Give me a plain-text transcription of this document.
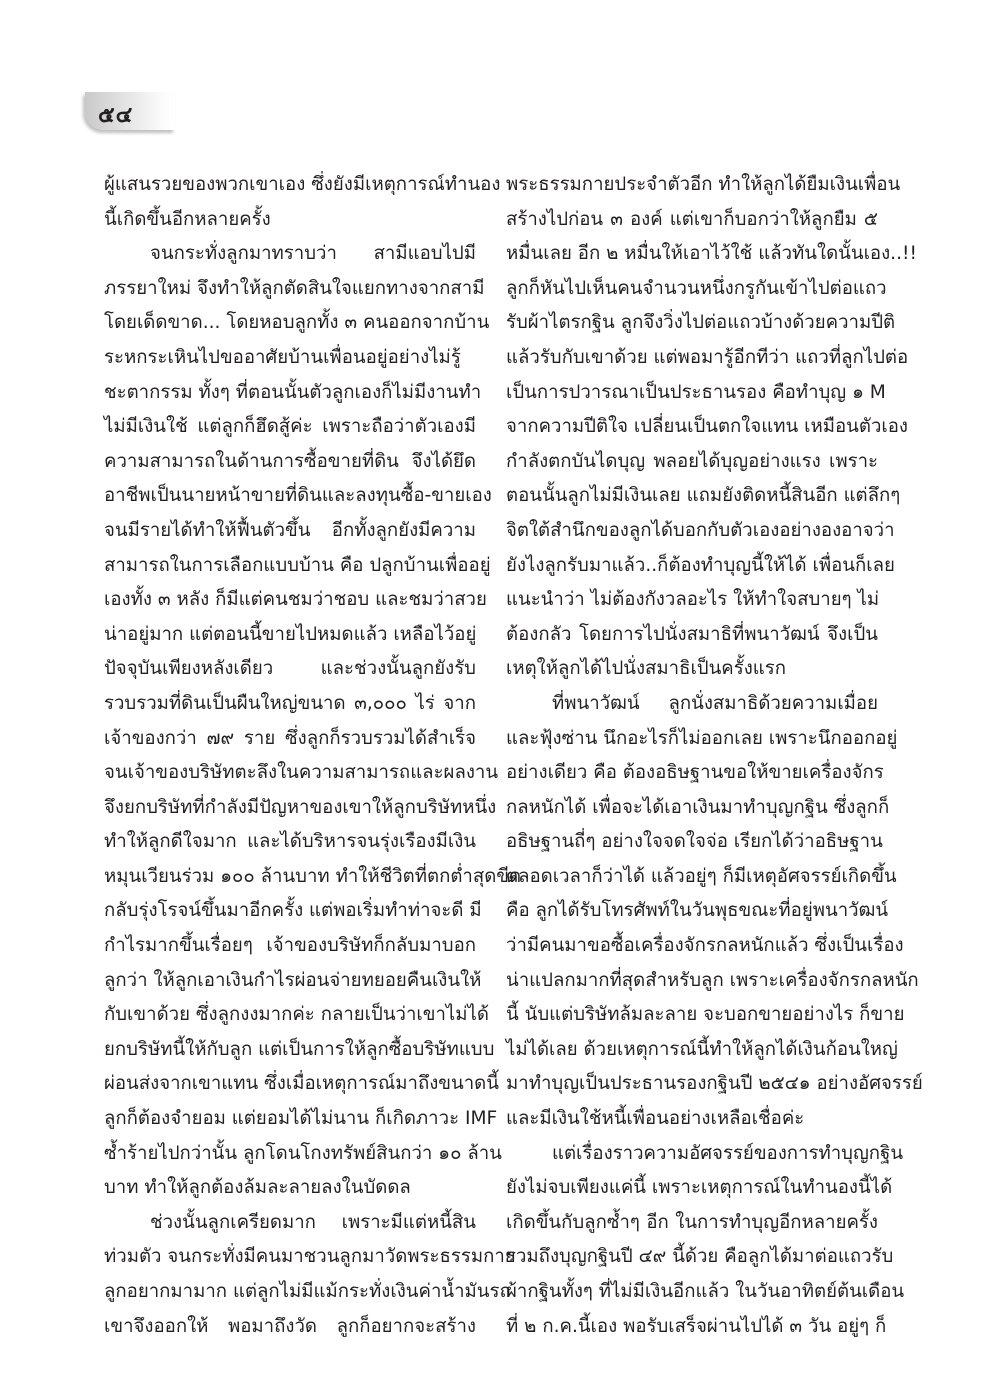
๕๔
ผู้แสนรวยของพวกเขาเอง ซึ่งยังมีเหตุการณ์ทำนอง
นี้เกิดขึ้นอีกหลายครั้ง
จนกระทั่งลูกมาทราบว่า สามีแอบไปมี
ภรรยาใหม่ จึงทำให้ลูกตัดสินใจแยกทางจากสามี
โดยเด็ดขาด... โดยหอบลูกทั้ง ๓ คนออกจากบ้าน
ระหกระเหินไปขออาศัยบ้านเพื่อนอยู่อย่างไม่รู้
ชะตากรรม ทั้งๆ ที่ตอนนั้นตัวลูกเองก็ไม่มีงานทำ
ไม่มีเงินใช้ แต่ลูกก็ฮึดสู้ค่ะ เพราะถือว่าตัวเองมี
ความสามารถในด้านการซื้อขายที่ดิน จึงได้ยึด
อาชีพเป็นนายหน้าขายที่ดินและลงทุนซื้อ-ขายเอง
จนมีรายได้ทำให้ฟื้นตัวขึ้น อีกทั้งลูกยังมีความ
สามารถในการเลือกแบบบ้าน คือ ปลูกบ้านเพื่ออยู่
เองทั้ง ๓ หลัง ก็มีแต่คนชมว่าชอบ และชมว่าสวย
น่าอยู่มาก แต่ตอนนี้ขายไปหมดแล้ว เหลือไว้อยู่
ปัจจุบันเพียงหลังเดียว และช่วงนั้นลูกยังรับ
รวบรวมที่ดินเป็นผืนใหญ่ขนาด ๓,๐๐๐ ไร่ จาก
เจ้าของกว่า ๗๙ ราย ซึ่งลูกก็รวบรวมได้สำเร็จ
จนเจ้าของบริษัทตะลึงในความสามารถและผลงาน
จึงยกบริษัทที่กำลังมีปัญหาของเขาให้ลูกบริษัทหนึ่ง
ทำให้ลูกดีใจมาก และได้บริหารจนรุ่งเรืองมีเงิน
หมุนเวียนร่วม ๑๐๐ ล้านบาท ทำให้ชีวิตที่ตกต่ำสุดขีด
กลับรุ่งโรจน์ขึ้นมาอีกครั้ง แต่พอเริ่มทำท่าจะดี มี
กำไรมากขึ้นเรื่อยๆ เจ้าของบริษัทก็กลับมาบอก
ลูกว่า ให้ลูกเอาเงินกำไรผ่อนจ่ายทยอยคืนเงินให้
กับเขาด้วย ซึ่งลูกงงมากค่ะ กลายเป็นว่าเขาไม่ได้
ยกบริษัทนี้ให้กับลูก แต่เป็นการให้ลูกซื้อบริษัทแบบ
ผ่อนส่งจากเขาแทน ซึ่งเมื่อเหตุการณ์มาถึงขนาดนี้
ลูกก็ต้องจำยอม แต่ยอมได้ไม่นาน ก็เกิดภาวะ IMF
ซ้ำร้ายไปกว่านั้น ลูกโดนโกงทรัพย์สินกว่า ๑๐ ล้าน
บาท ทำให้ลูกต้องล้มละลายลงในบัดดล
ช่วงนั้นลูกเครียดมาก เพราะมีแต่หนี้สิน
ท่วมตัว จนกระทั่งมีคนมาชวนลูกมาวัดพระธรรมกาย
ลูกอยากมามาก แต่ลูกไม่มีแม้กระทั่งเงินค่าน้ำมันรถ
เขาจึงออกให้ พอมาถึงวัด ลูกก็อยากจะสร้าง
พระธรรมกายประจำตัวอีก ทำให้ลูกได้ยืมเงินเพื่อน
สร้างไปก่อน ๓ องค์ แต่เขาก็บอกว่าให้ลูกยืม ๕
หมื่นเลย อีก ๒ หมื่นให้เอาไว้ใช้ แล้วทันใดนั้นเอง..!!
ลูกก็หันไปเห็นคนจำนวนหนึ่งกรูกันเข้าไปต่อแถว
รับผ้าไตรกฐิน ลูกจึงวิ่งไปต่อแถวบ้างด้วยความปีติ
แล้วรับกับเขาด้วย แต่พอมารู้อีกทีว่า แถวที่ลูกไปต่อ
เป็นการปวารณาเป็นประธานรอง คือทำบุญ ๑ M
จากความปีติใจ เปลี่ยนเป็นตกใจแทน เหมือนตัวเอง
กำลังตกบันไดบุญ พลอยได้บุญอย่างแรง เพราะ
ตอนนั้นลูกไม่มีเงินเลย แถมยังติดหนี้สินอีก แต่ลึกๆ
จิตใต้สำนึกของลูกได้บอกกับตัวเองอย่างองอาจว่า
ยังไงลูกรับมาแล้ว..ก็ต้องทำบุญนี้ให้ได้ เพื่อนก็เลย
แนะนำว่า ไม่ต้องกังวลอะไร ให้ทำใจสบายๆ ไม่
ต้องกลัว โดยการไปนั่งสมาธิที่พนาวัฒน์ จึงเป็น
เหตุให้ลูกได้ไปนั่งสมาธิเป็นครั้งแรก
ที่พนาวัฒน์ ลูกนั่งสมาธิด้วยความเมื่อย
และฟุ้งซ่าน นึกอะไรก็ไม่ออกเลย เพราะนึกออกอยู่
อย่างเดียว คือ ต้องอธิษฐานขอให้ขายเครื่องจักร
กลหนักได้ เพื่อจะได้เอาเงินมาทำบุญกฐิน ซึ่งลูกก็
อธิษฐานถี่ๆ อย่างใจจดใจจ่อ เรียกได้ว่าอธิษฐาน
ตลอดเวลาก็ว่าได้ แล้วอยู่ๆ ก็มีเหตุอัศจรรย์เกิดขึ้น
คือ ลูกได้รับโทรศัพท์ในวันพุธขณะที่อยู่พนาวัฒน์
ว่ามีคนมาขอซื้อเครื่องจักรกลหนักแล้ว ซึ่งเป็นเรื่อง
น่าแปลกมากที่สุดสำหรับลูก เพราะเครื่องจักรกลหนัก
นี้ นับแต่บริษัทล้มละลาย จะบอกขายอย่างไร ก็ขาย
ไม่ได้เลย ด้วยเหตุการณ์นี้ทำให้ลูกได้เงินก้อนใหญ่
มาทำบุญเป็นประธานรองกฐินปี ๒๕๔๑ อย่างอัศจรรย์
และมีเงินใช้หนี้เพื่อนอย่างเหลือเชื่อค่ะ
แต่เรื่องราวความอัศจรรย์ของการทำบุญกฐิน
ยังไม่จบเพียงแค่นี้ เพราะเหตุการณ์ในทำนองนี้ได้
เกิดขึ้นกับลูกซ้ำๆ อีก ในการทำบุญอีกหลายครั้ง
รวมถึงบุญกฐินปี ๔๙ นี้ด้วย คือลูกได้มาต่อแถวรับ
ผ้ากฐินทั้งๆ ที่ไม่มีเงินอีกแล้ว ในวันอาทิตย์ต้นเดือน
ที่ ๒ ก.ค.นี้เอง พอรับเสร็จผ่านไปได้ ๓ วัน อยู่ๆ ก็
